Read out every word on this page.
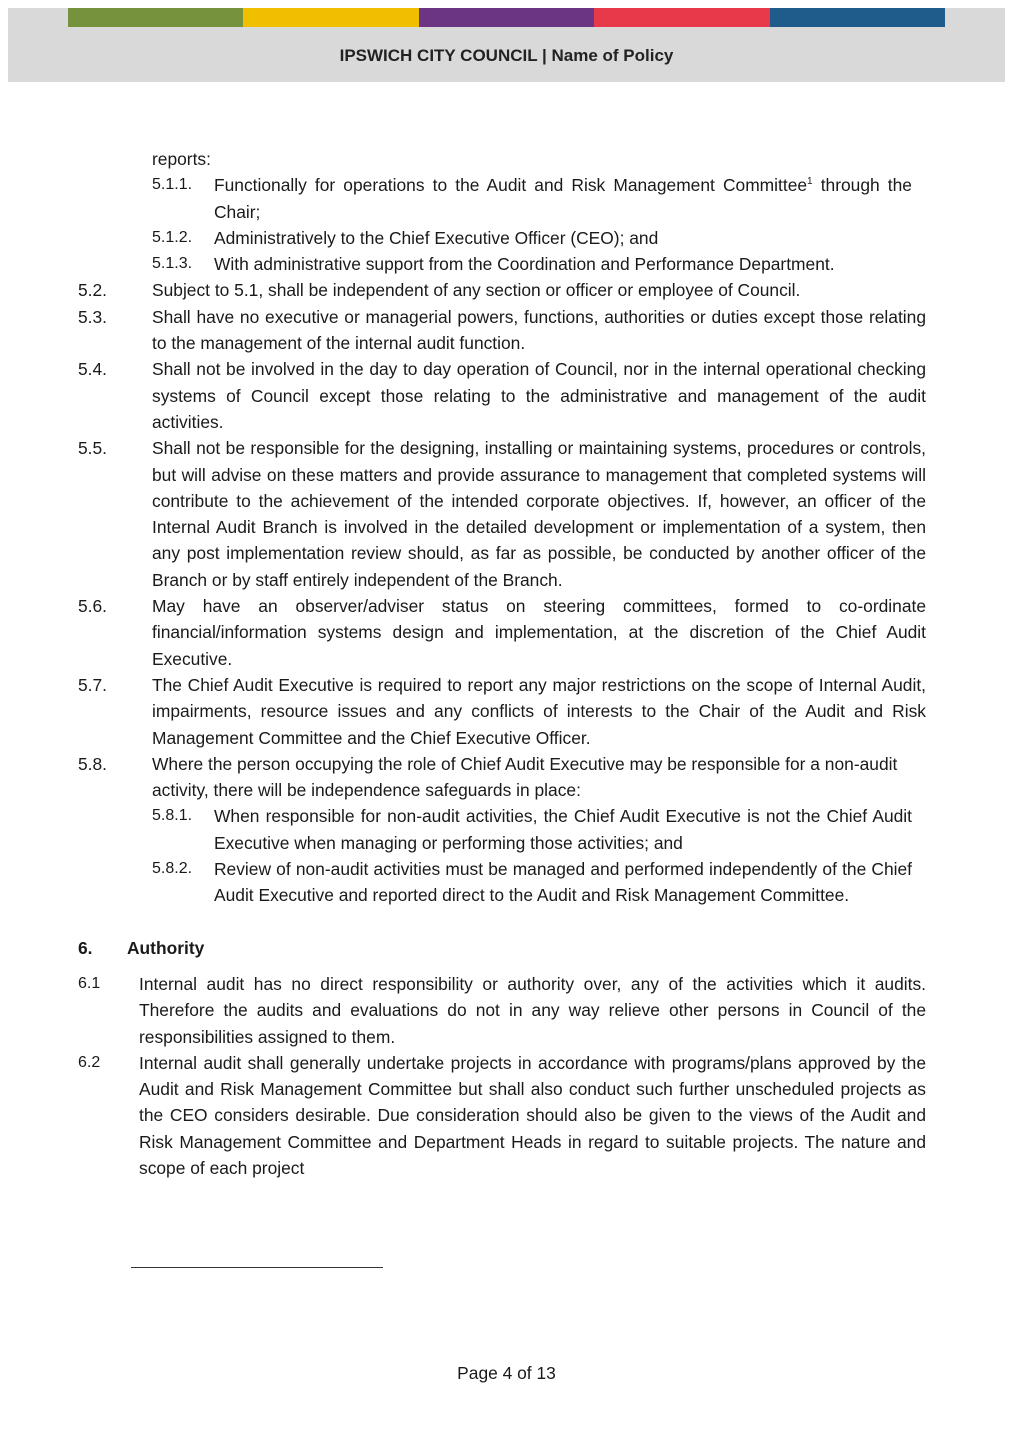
IPSWICH CITY COUNCIL | Name of Policy
reports:
5.1.1. Functionally for operations to the Audit and Risk Management Committee$^1$ through the Chair;
5.1.2. Administratively to the Chief Executive Officer (CEO); and
5.1.3. With administrative support from the Coordination and Performance Department.
5.2.	Subject to 5.1, shall be independent of any section or officer or employee of Council.
5.3.	Shall have no executive or managerial powers, functions, authorities or duties except those relating to the management of the internal audit function.
5.4.	Shall not be involved in the day to day operation of Council, nor in the internal operational checking systems of Council except those relating to the administrative and management of the audit activities.
5.5.	Shall not be responsible for the designing, installing or maintaining systems, procedures or controls, but will advise on these matters and provide assurance to management that completed systems will contribute to the achievement of the intended corporate objectives. If, however, an officer of the Internal Audit Branch is involved in the detailed development or implementation of a system, then any post implementation review should, as far as possible, be conducted by another officer of the Branch or by staff entirely independent of the Branch.
5.6.	May have an observer/adviser status on steering committees, formed to co-ordinate financial/information systems design and implementation, at the discretion of the Chief Audit Executive.
5.7.	The Chief Audit Executive is required to report any major restrictions on the scope of Internal Audit, impairments, resource issues and any conflicts of interests to the Chair of the Audit and Risk Management Committee and the Chief Executive Officer.
5.8.	Where the person occupying the role of Chief Audit Executive may be responsible for a non-audit activity, there will be independence safeguards in place:
5.8.1. When responsible for non-audit activities, the Chief Audit Executive is not the Chief Audit Executive when managing or performing those activities; and
5.8.2. Review of non-audit activities must be managed and performed independently of the Chief Audit Executive and reported direct to the Audit and Risk Management Committee.
6. Authority
6.1 Internal audit has no direct responsibility or authority over, any of the activities which it audits. Therefore the audits and evaluations do not in any way relieve other persons in Council of the responsibilities assigned to them.
6.2 Internal audit shall generally undertake projects in accordance with programs/plans approved by the Audit and Risk Management Committee but shall also conduct such further unscheduled projects as the CEO considers desirable. Due consideration should also be given to the views of the Audit and Risk Management Committee and Department Heads in regard to suitable projects. The nature and scope of each project
Page 4 of 13
